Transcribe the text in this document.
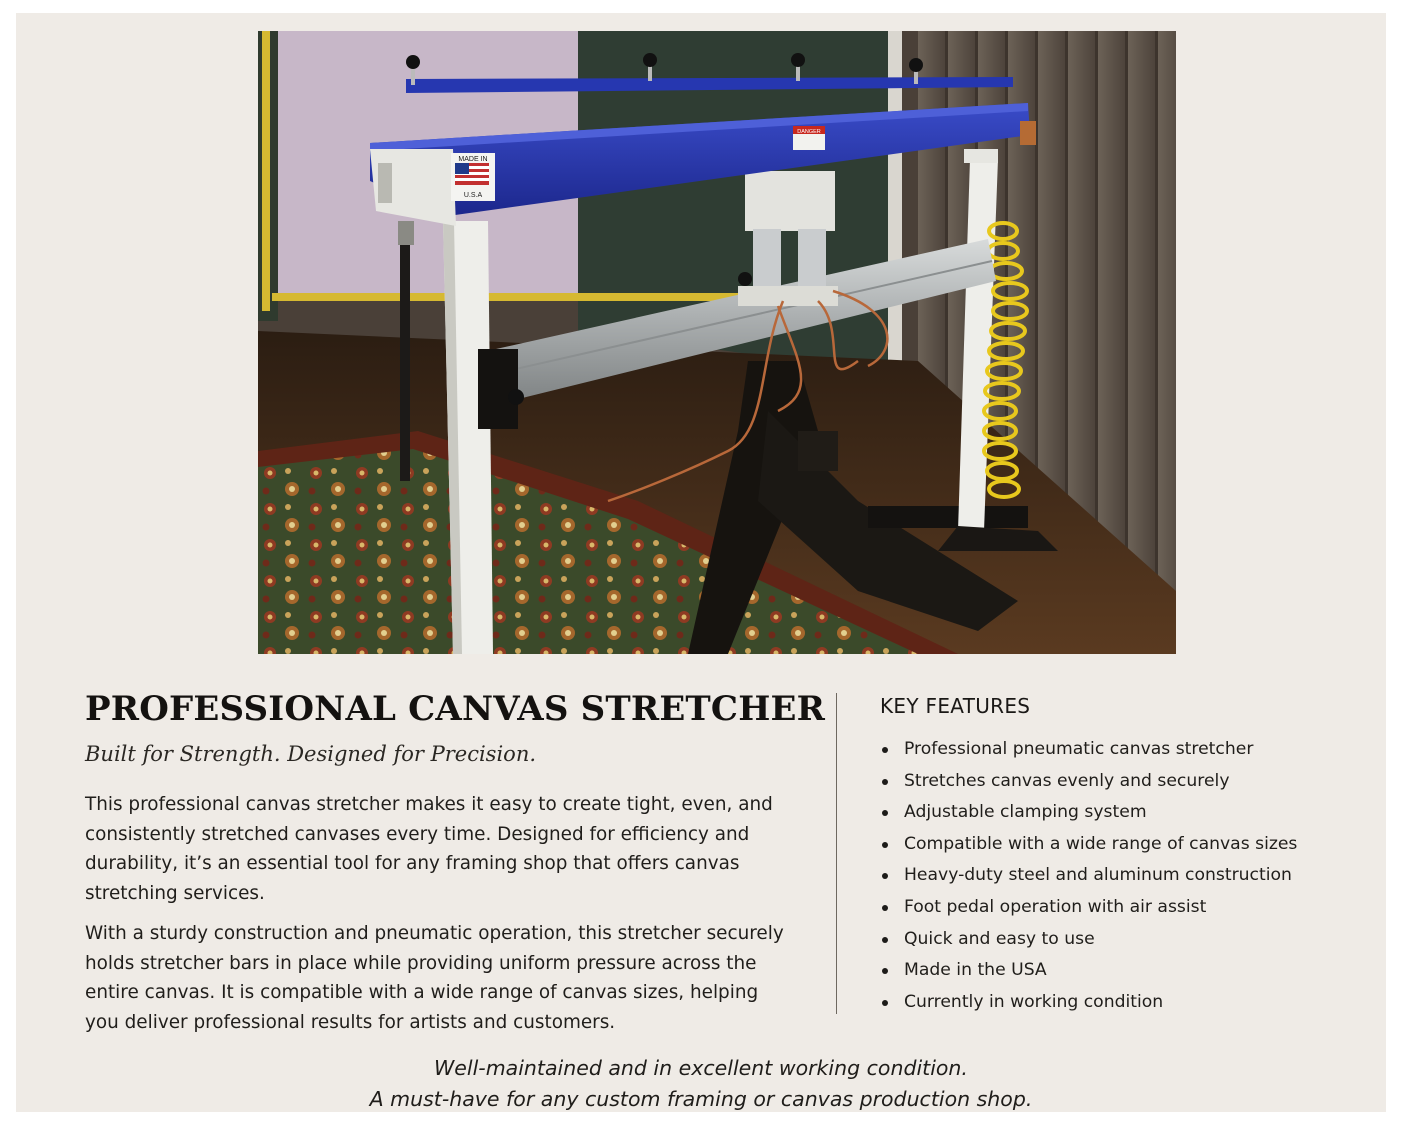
MADE IN
U.S.A
DANGER
PROFESSIONAL CANVAS STRETCHER

Built for Strength. Designed for Precision.

This professional canvas stretcher makes it easy to create tight, even, and consistently stretched canvases every time. Designed for efficiency and durability, it’s an essential tool for any framing shop that offers canvas stretching services.

With a sturdy construction and pneumatic operation, this stretcher securely holds stretcher bars in place while providing uniform pressure across the entire canvas. It is compatible with a wide range of canvas sizes, helping you deliver professional results for artists and customers.

KEY FEATURES
Professional pneumatic canvas stretcher
Stretches canvas evenly and securely
Adjustable clamping system
Compatible with a wide range of canvas sizes
Heavy-duty steel and aluminum construction
Foot pedal operation with air assist
Quick and easy to use
Made in the USA
Currently in working condition

Well-maintained and in excellent working condition.

A must-have for any custom framing or canvas production shop.
